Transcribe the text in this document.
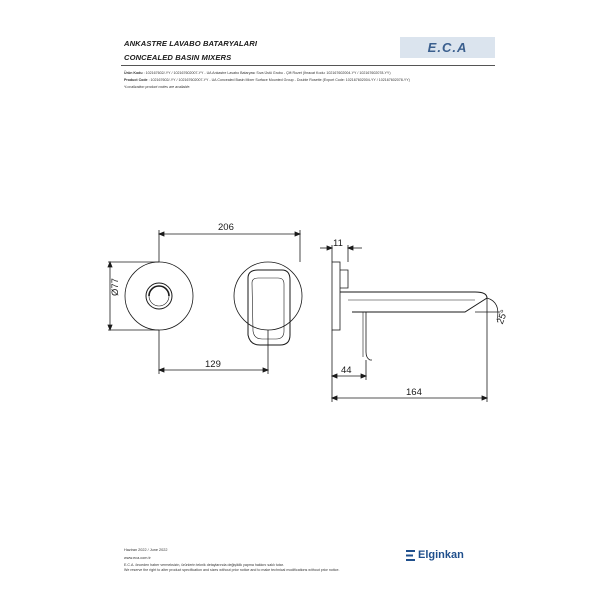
ANKASTRE LAVABO BATARYALARI
CONCEALED BASIN MIXERS
E.C.A
Ürün Kodu : 102167602/-YY / 102167602007-YY - UA Ankastre Lavabo Bataryası Sıva Üstü Grubu - Çift Rozet (İhracat Kodu: 102167602004-YY / 102167602078-YY)
Product Code : 102167602/-YY / 102167602007-YY - UA Concealed Basin Mixer Surface Mounted Group - Double Rosette (Export Code: 102167602004-YY / 102167602078-YY)
*Localization product codes are available.
206
Ø77
129
11
44
164
25°
Haziran 2022 / June 2022
www.eca.com.tr
E.C.A. önceden haber vermeksizin, ürünlerin teknik detaylarında değişiklik yapma hakkını saklı tutar.
We reserve the right to alter product specification and sizes without prior notice and to make technical modifications without prior notice.
Elginkan
